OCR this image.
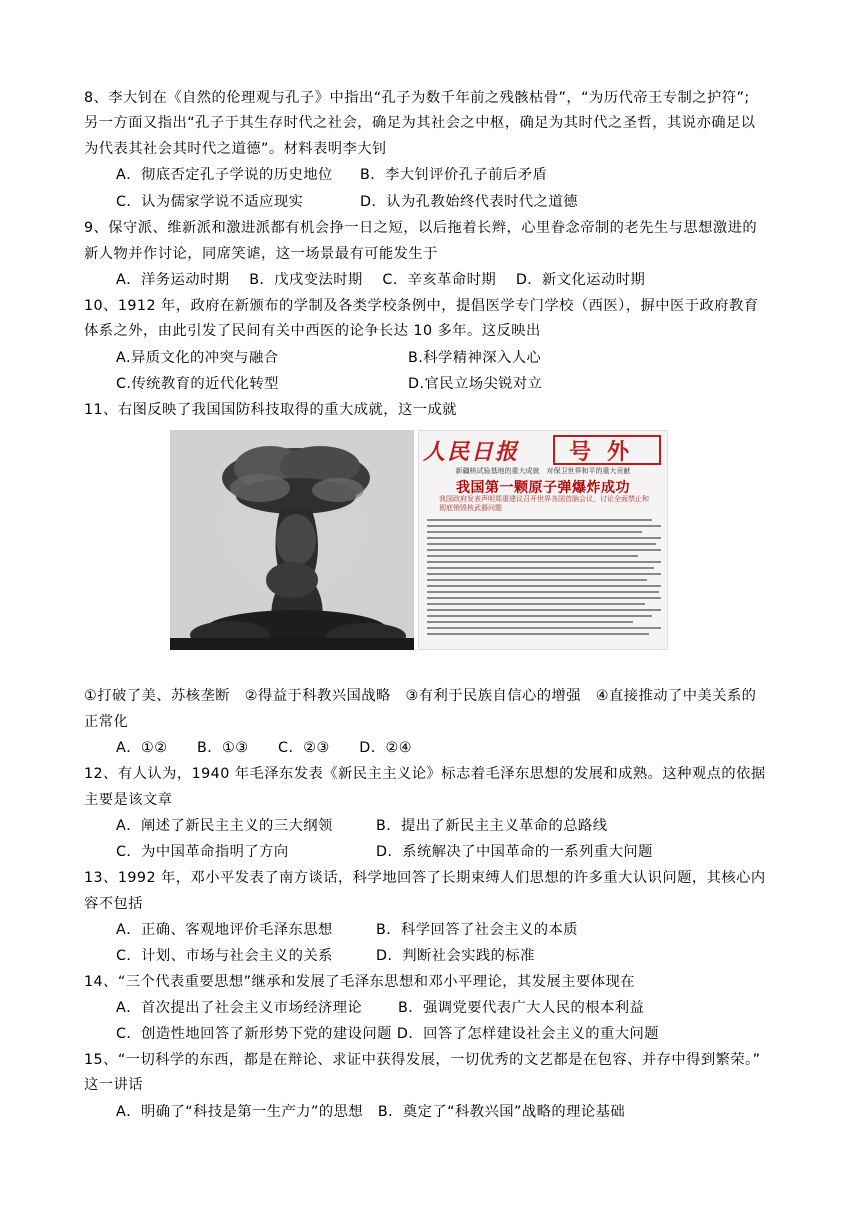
8、李大钊在《自然的伦理观与孔子》中指出“孔子为数千年前之残骸枯骨”，“为历代帝王专制之护符”;
另一方面又指出“孔子于其生存时代之社会，确足为其社会之中枢，确足为其时代之圣哲，其说亦确足以
为代表其社会其时代之道德”。材料表明李大钊
A．彻底否定孔子学说的历史地位 B．李大钊评价孔子前后矛盾
C．认为儒家学说不适应现实	D．认为孔教始终代表时代之道德
9、保守派、维新派和激进派都有机会挣一日之短，以后拖着长辫，心里眷念帝制的老先生与思想激进的
新人物并作讨论，同席笑谑，这一场景最有可能发生于
A．洋务运动时期　 B．戊戌变法时期　 C．辛亥革命时期　 D．新文化运动时期
10、1912 年，政府在新颁布的学制及各类学校条例中，提倡医学专门学校（西医），摒中医于政府教育
体系之外，由此引发了民间有关中西医的论争长达 10 多年。这反映出
A.异质文化的冲突与融合	B.科学精神深入人心
C.传统教育的近代化转型	D.官民立场尖锐对立
11、右图反映了我国国防科技取得的重大成就，这一成就
人民日报	号外
新疆核试验基地的重大成就　对保卫世界和平的重大贡献
我国第一颗原子弹爆炸成功
我国政府发表声明郑重建议召开世界各国首脑会议，讨论全面禁止和彻底销毁核武器问题
①打破了美、苏核垄断　②得益于科教兴国战略　③有利于民族自信心的增强　④直接推动了中美关系的
正常化
A．①②　　B．①③　　C．②③　　D．②④
12、有人认为，1940 年毛泽东发表《新民主主义论》标志着毛泽东思想的发展和成熟。这种观点的依据
主要是该文章
A．阐述了新民主主义的三大纲领	B．提出了新民主主义革命的总路线
C．为中国革命指明了方向	D．系统解决了中国革命的一系列重大问题
13、1992 年，邓小平发表了南方谈话，科学地回答了长期束缚人们思想的许多重大认识问题，其核心内
容不包括
A．正确、客观地评价毛泽东思想	B．科学回答了社会主义的本质
C．计划、市场与社会主义的关系	D．判断社会实践的标准
14、“三个代表重要思想”继承和发展了毛泽东思想和邓小平理论，其发展主要体现在
A．首次提出了社会主义市场经济理论	B．强调党要代表广大人民的根本利益
C．创造性地回答了新形势下党的建设问题 D．回答了怎样建设社会主义的重大问题
15、“一切科学的东西，都是在辩论、求证中获得发展，一切优秀的文艺都是在包容、并存中得到繁荣。”
这一讲话
A．明确了“科技是第一生产力”的思想　B．奠定了“科教兴国”战略的理论基础
